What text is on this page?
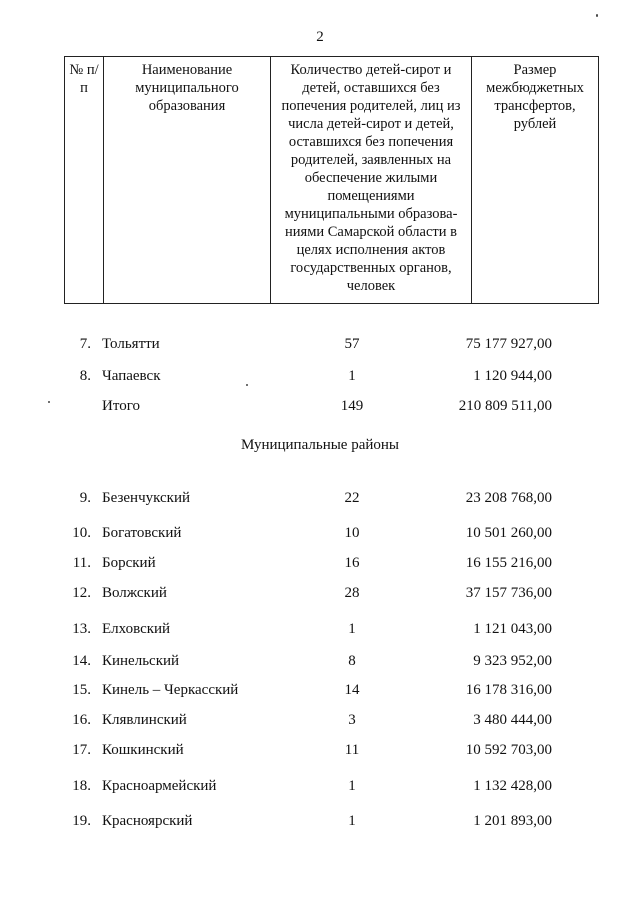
2
№ п/п	Наименование муниципального образования	Количество детей-сирот и детей, оставшихся без попечения родителей, лиц из числа детей-сирот и детей, оставшихся без попечения родителей, заявленных на обеспечение жилыми помещениями муниципальными образова-ниями Самарской области в целях исполнения актов государственных органов, человек	Размер межбюджетных трансфертов, рублей
7. Тольятти	57	75 177 927,00
8. Чапаевск	1	1 120 944,00
Итого	149	210 809 511,00
Муниципальные районы
9. Безенчукский	22	23 208 768,00
10. Богатовский	10	10 501 260,00
11. Борский	16	16 155 216,00
12. Волжский	28	37 157 736,00
13. Елховский	1	1 121 043,00
14. Кинельский	8	9 323 952,00
15. Кинель – Черкасский	14	16 178 316,00
16. Клявлинский	3	3 480 444,00
17. Кошкинский	11	10 592 703,00
18. Красноармейский	1	1 132 428,00
19. Красноярский	1	1 201 893,00
